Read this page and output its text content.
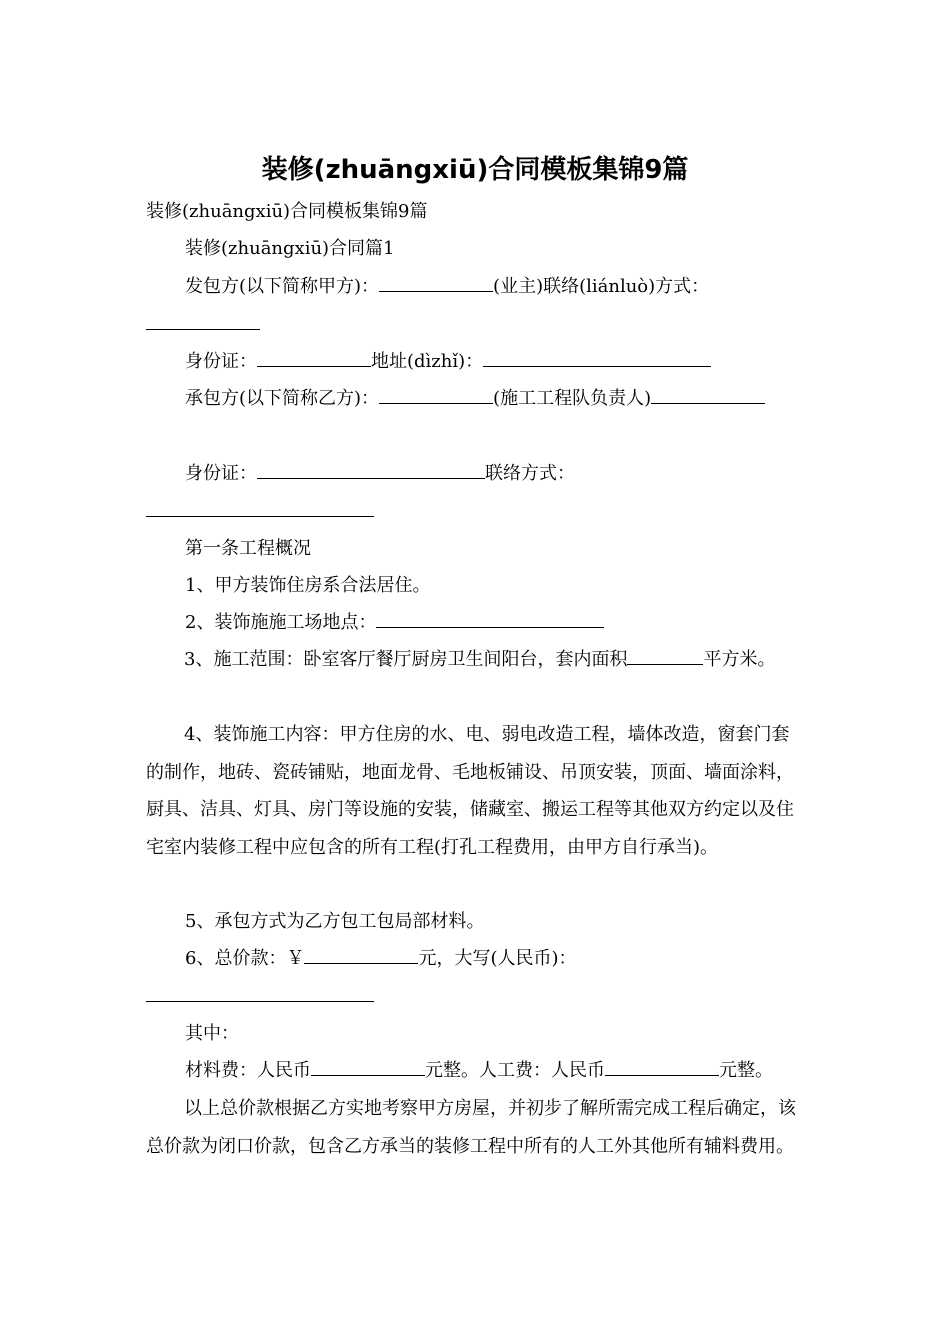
装修(zhuāngxiū)合同模板集锦9篇

装修(zhuāngxiū)合同模板集锦9篇

装修(zhuāngxiū)合同篇1

发包方(以下简称甲方)：	(业主)联络(liánluò)方式：

身份证：	地址(dìzhǐ)：

承包方(以下简称乙方)：	(施工工程队负责人)

身份证：	联络方式：

第一条工程概况

1、甲方装饰住房系合法居住。

2、装饰施施工场地点：

3、施工范围：卧室客厅餐厅厨房卫生间阳台，套内面积	平方米。

4、装饰施工内容：甲方住房的水、电、弱电改造工程，墙体改造，窗套门套的制作，地砖、瓷砖铺贴，地面龙骨、毛地板铺设、吊顶安装，顶面、墙面涂料，厨具、洁具、灯具、房门等设施的安装，储藏室、搬运工程等其他双方约定以及住宅室内装修工程中应包含的所有工程(打孔工程费用，由甲方自行承当)。

5、承包方式为乙方包工包局部材料。

6、总价款：￥	元，大写(人民币)：

其中：

材料费：人民币	元整。人工费：人民币	元整。

以上总价款根据乙方实地考察甲方房屋，并初步了解所需完成工程后确定，该总价款为闭口价款，包含乙方承当的装修工程中所有的人工外其他所有辅料费用。
